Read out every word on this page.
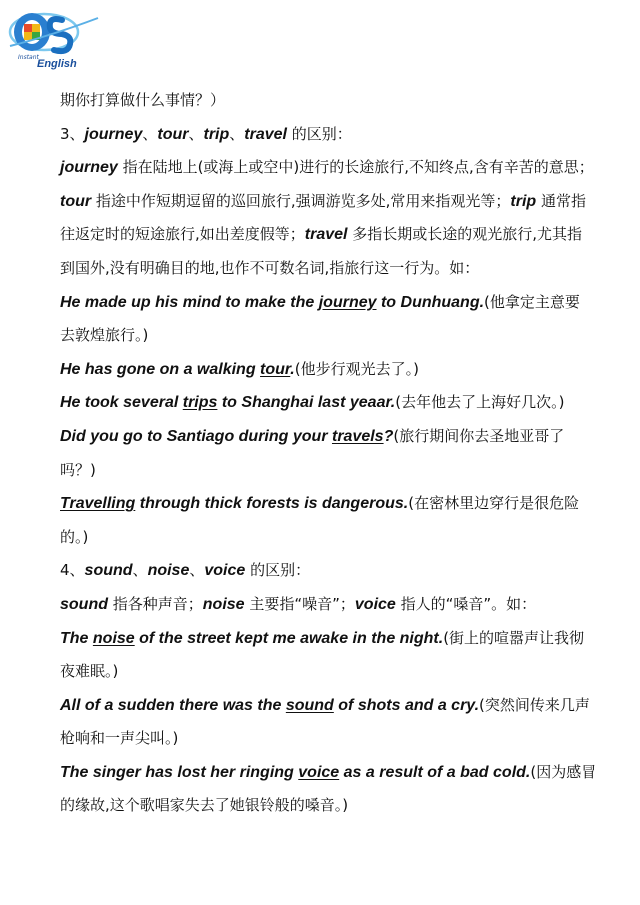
Instant
English
期你打算做什么事情？）
3、journey、tour、trip、travel 的区别：
journey 指在陆地上(或海上或空中)进行的长途旅行,不知终点,含有辛苦的意思；
tour 指途中作短期逗留的巡回旅行,强调游览多处,常用来指观光等；trip 通常指
往返定时的短途旅行,如出差度假等；travel 多指长期或长途的观光旅行,尤其指
到国外,没有明确目的地,也作不可数名词,指旅行这一行为。如：
He made up his mind to make the journey to Dunhuang.(他拿定主意要
去敦煌旅行。)
He has gone on a walking tour.(他步行观光去了。)
He took several trips to Shanghai last yeaar.(去年他去了上海好几次。)
Did you go to Santiago during your travels?(旅行期间你去圣地亚哥了
吗？)
Travelling through thick forests is dangerous.(在密林里边穿行是很危险
的。)
4、sound、noise、voice 的区别：
sound 指各种声音；noise 主要指“噪音”；voice 指人的“嗓音”。如：
The noise of the street kept me awake in the night.(街上的喧嚣声让我彻
夜难眠。)
All of a sudden there was the sound of shots and a cry.(突然间传来几声
枪响和一声尖叫。)
The singer has lost her ringing voice as a result of a bad cold.(因为感冒
的缘故,这个歌唱家失去了她银铃般的嗓音。)
